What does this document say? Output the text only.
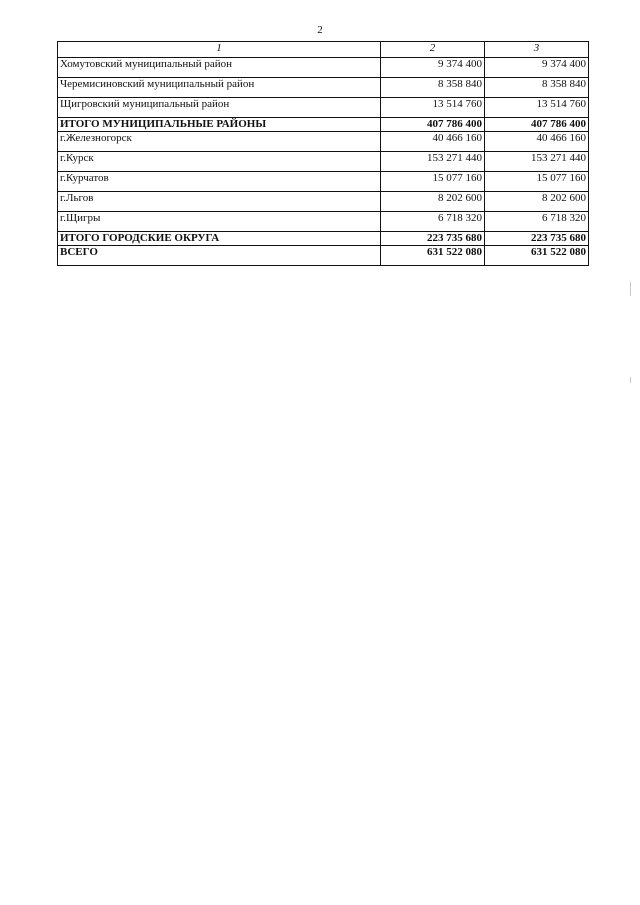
2
1	2	3
Хомутовский муниципальный район	9 374 400	9 374 400
Черемисиновский муниципальный район	8 358 840	8 358 840
Щигровский муниципальный район	13 514 760	13 514 760
ИТОГО МУНИЦИПАЛЬНЫЕ РАЙОНЫ	407 786 400	407 786 400
г.Железногорск	40 466 160	40 466 160
г.Курск	153 271 440	153 271 440
г.Курчатов	15 077 160	15 077 160
г.Льгов	8 202 600	8 202 600
г.Щигры	6 718 320	6 718 320
ИТОГО ГОРОДСКИЕ ОКРУГА	223 735 680	223 735 680
ВСЕГО	631 522 080	631 522 080
